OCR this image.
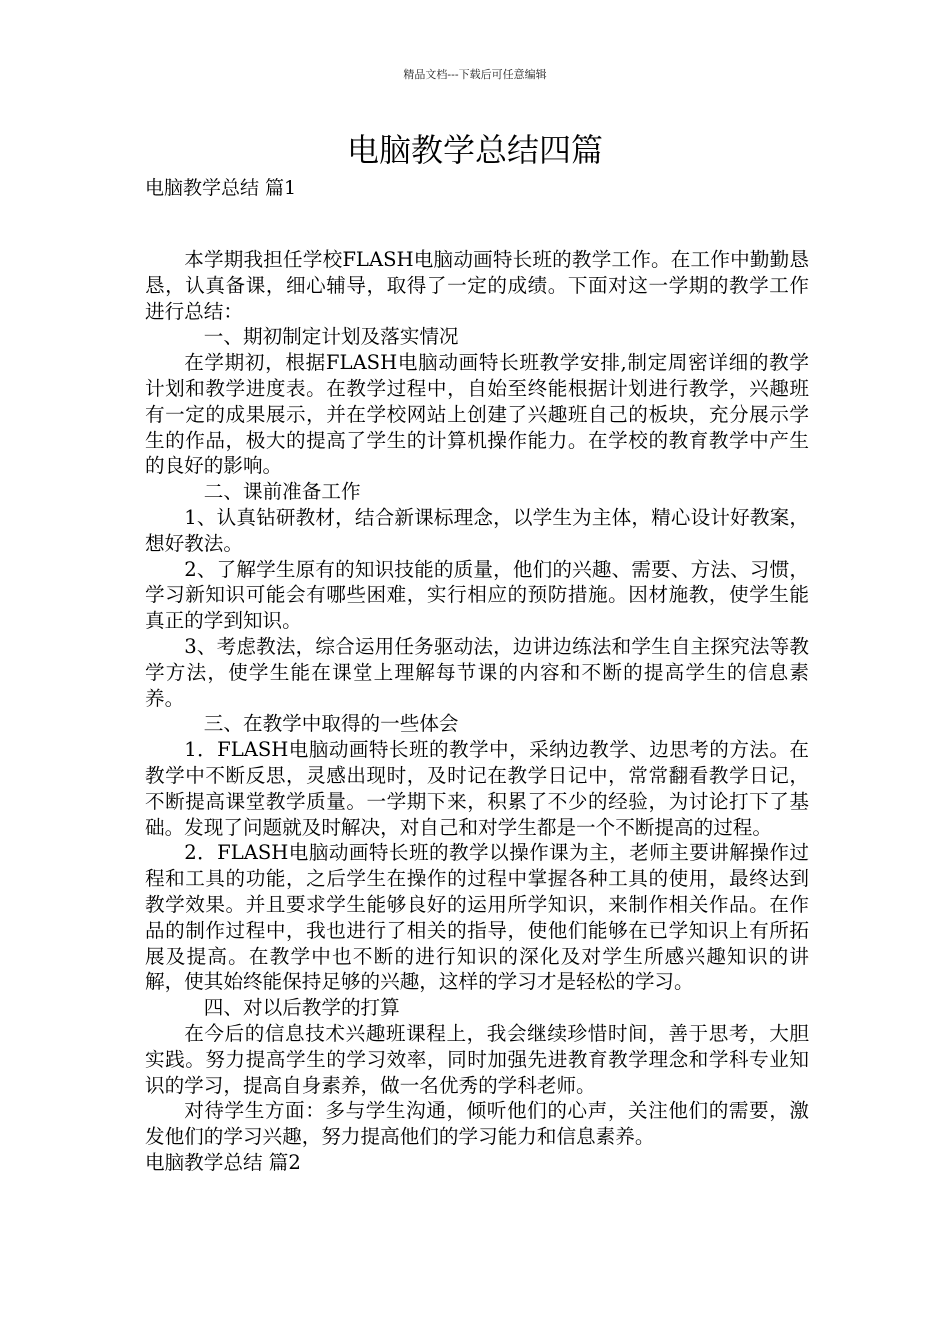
精品文档---下载后可任意编辑
电脑教学总结四篇
电脑教学总结 篇1

本学期我担任学校FLASH电脑动画特长班的教学工作。在工作中勤勤恳恳，认真备课，细心辅导，取得了一定的成绩。下面对这一学期的教学工作进行总结：

一、期初制定计划及落实情况

在学期初，根据FLASH电脑动画特长班教学安排,制定周密详细的教学计划和教学进度表。在教学过程中，自始至终能根据计划进行教学，兴趣班有一定的成果展示，并在学校网站上创建了兴趣班自己的板块，充分展示学生的作品，极大的提高了学生的计算机操作能力。在学校的教育教学中产生的良好的影响。

二、课前准备工作

1、认真钻研教材，结合新课标理念，以学生为主体，精心设计好教案，想好教法。

2、了解学生原有的知识技能的质量，他们的兴趣、需要、方法、习惯，学习新知识可能会有哪些困难，实行相应的预防措施。因材施教，使学生能真正的学到知识。

3、考虑教法，综合运用任务驱动法，边讲边练法和学生自主探究法等教学方法，使学生能在课堂上理解每节课的内容和不断的提高学生的信息素养。

三、在教学中取得的一些体会

1．FLASH电脑动画特长班的教学中，采纳边教学、边思考的方法。在教学中不断反思，灵感出现时，及时记在教学日记中，常常翻看教学日记，不断提高课堂教学质量。一学期下来，积累了不少的经验，为讨论打下了基础。发现了问题就及时解决，对自己和对学生都是一个不断提高的过程。

2．FLASH电脑动画特长班的教学以操作课为主，老师主要讲解操作过程和工具的功能，之后学生在操作的过程中掌握各种工具的使用，最终达到教学效果。并且要求学生能够良好的运用所学知识，来制作相关作品。在作品的制作过程中，我也进行了相关的指导，使他们能够在已学知识上有所拓展及提高。在教学中也不断的进行知识的深化及对学生所感兴趣知识的讲解，使其始终能保持足够的兴趣，这样的学习才是轻松的学习。

四、对以后教学的打算

在今后的信息技术兴趣班课程上，我会继续珍惜时间，善于思考，大胆实践。努力提高学生的学习效率，同时加强先进教育教学理念和学科专业知识的学习，提高自身素养，做一名优秀的学科老师。

对待学生方面：多与学生沟通，倾听他们的心声，关注他们的需要，激发他们的学习兴趣，努力提高他们的学习能力和信息素养。

电脑教学总结 篇2
